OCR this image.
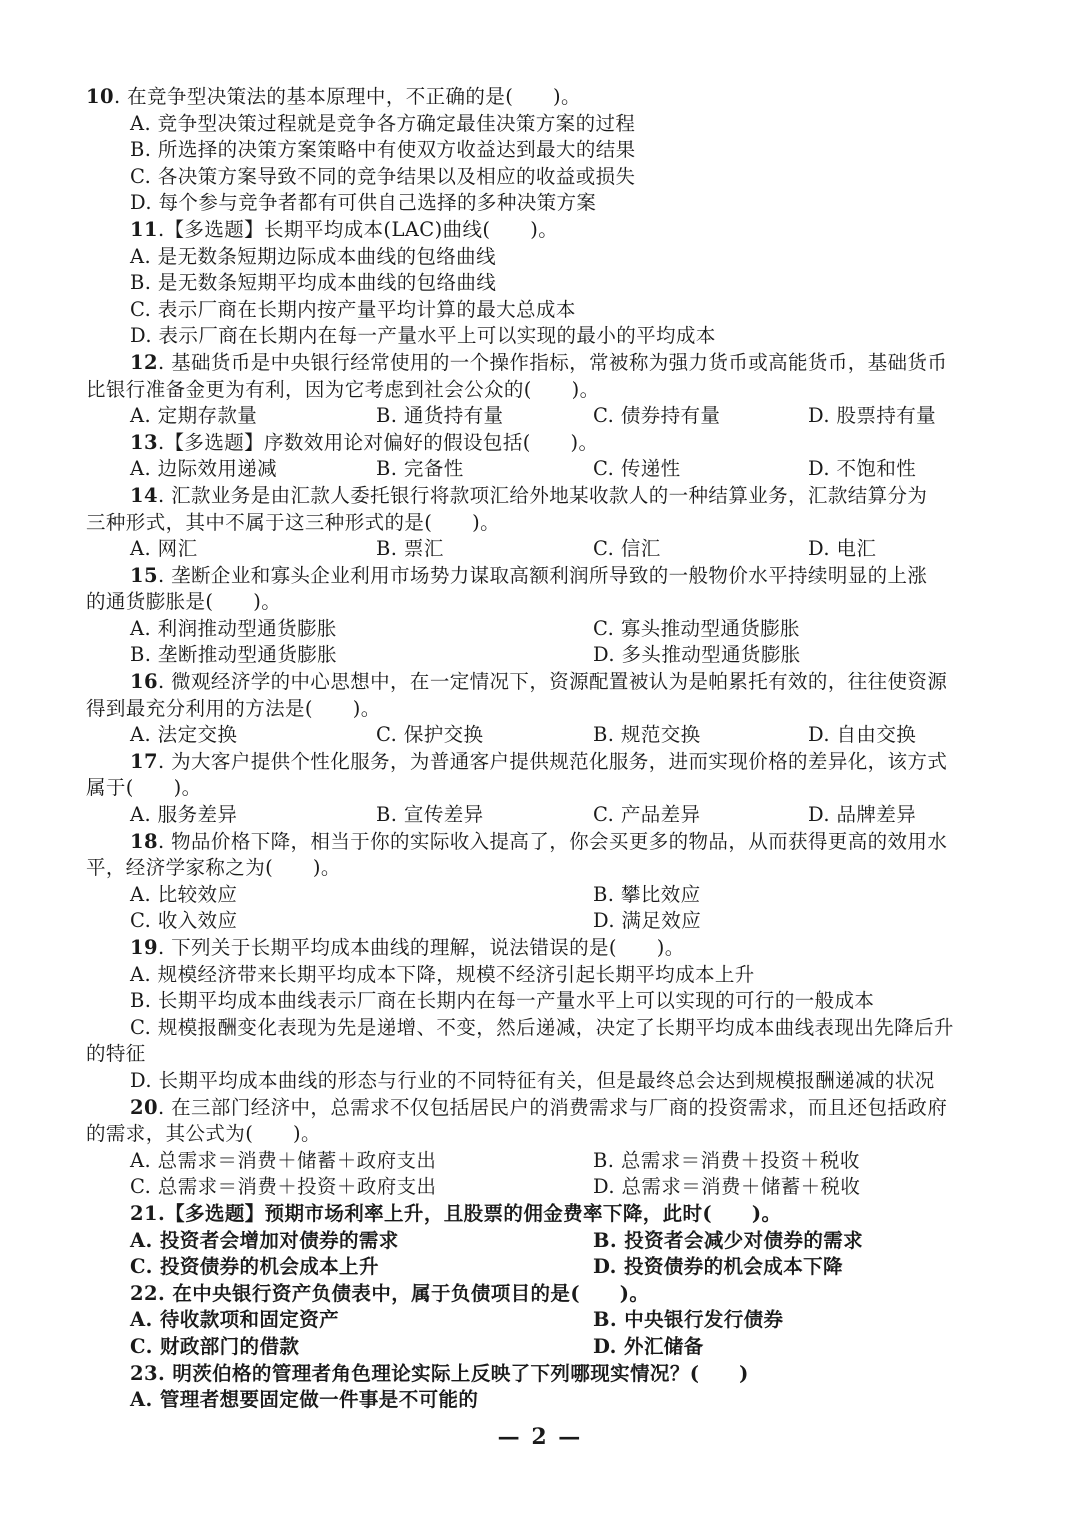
10. 在竞争型决策法的基本原理中，不正确的是(　　)。
A. 竞争型决策过程就是竞争各方确定最佳决策方案的过程
B. 所选择的决策方案策略中有使双方收益达到最大的结果
C. 各决策方案导致不同的竞争结果以及相应的收益或损失
D. 每个参与竞争者都有可供自己选择的多种决策方案
11.【多选题】长期平均成本(LAC)曲线(　　)。
A. 是无数条短期边际成本曲线的包络曲线
B. 是无数条短期平均成本曲线的包络曲线
C. 表示厂商在长期内按产量平均计算的最大总成本
D. 表示厂商在长期内在每一产量水平上可以实现的最小的平均成本
12. 基础货币是中央银行经常使用的一个操作指标，常被称为强力货币或高能货币，基础货币
比银行准备金更为有利，因为它考虑到社会公众的(　　)。
A. 定期存款量	B. 通货持有量	C. 债券持有量	D. 股票持有量
13.【多选题】序数效用论对偏好的假设包括(　　)。
A. 边际效用递减	B. 完备性	C. 传递性	D. 不饱和性
14. 汇款业务是由汇款人委托银行将款项汇给外地某收款人的一种结算业务，汇款结算分为
三种形式，其中不属于这三种形式的是(　　)。
A. 网汇	B. 票汇	C. 信汇	D. 电汇
15. 垄断企业和寡头企业利用市场势力谋取高额利润所导致的一般物价水平持续明显的上涨
的通货膨胀是(　　)。
A. 利润推动型通货膨胀	C. 寡头推动型通货膨胀
B. 垄断推动型通货膨胀	D. 多头推动型通货膨胀
16. 微观经济学的中心思想中，在一定情况下，资源配置被认为是帕累托有效的，往往使资源
得到最充分利用的方法是(　　)。
A. 法定交换	C. 保护交换	B. 规范交换	D. 自由交换
17. 为大客户提供个性化服务，为普通客户提供规范化服务，进而实现价格的差异化，该方式
属于(　　)。
A. 服务差异	B. 宣传差异	C. 产品差异	D. 品牌差异
18. 物品价格下降，相当于你的实际收入提高了，你会买更多的物品，从而获得更高的效用水
平，经济学家称之为(　　)。
A. 比较效应	B. 攀比效应
C. 收入效应	D. 满足效应
19. 下列关于长期平均成本曲线的理解，说法错误的是(　　)。
A. 规模经济带来长期平均成本下降，规模不经济引起长期平均成本上升
B. 长期平均成本曲线表示厂商在长期内在每一产量水平上可以实现的可行的一般成本
C. 规模报酬变化表现为先是递增、不变，然后递减，决定了长期平均成本曲线表现出先降后升
的特征
D. 长期平均成本曲线的形态与行业的不同特征有关，但是最终总会达到规模报酬递减的状况
20. 在三部门经济中，总需求不仅包括居民户的消费需求与厂商的投资需求，而且还包括政府
的需求，其公式为(　　)。
A. 总需求＝消费＋储蓄＋政府支出	B. 总需求＝消费＋投资＋税收
C. 总需求＝消费＋投资＋政府支出	D. 总需求＝消费＋储蓄＋税收
21.【多选题】预期市场利率上升，且股票的佣金费率下降，此时(　　)。
A. 投资者会增加对债券的需求	B. 投资者会减少对债券的需求
C. 投资债券的机会成本上升	D. 投资债券的机会成本下降
22. 在中央银行资产负债表中，属于负债项目的是(　　)。
A. 待收款项和固定资产	B. 中央银行发行债券
C. 财政部门的借款	D. 外汇储备
23. 明茨伯格的管理者角色理论实际上反映了下列哪现实情况？(　　)
A. 管理者想要固定做一件事是不可能的
— 2 —
